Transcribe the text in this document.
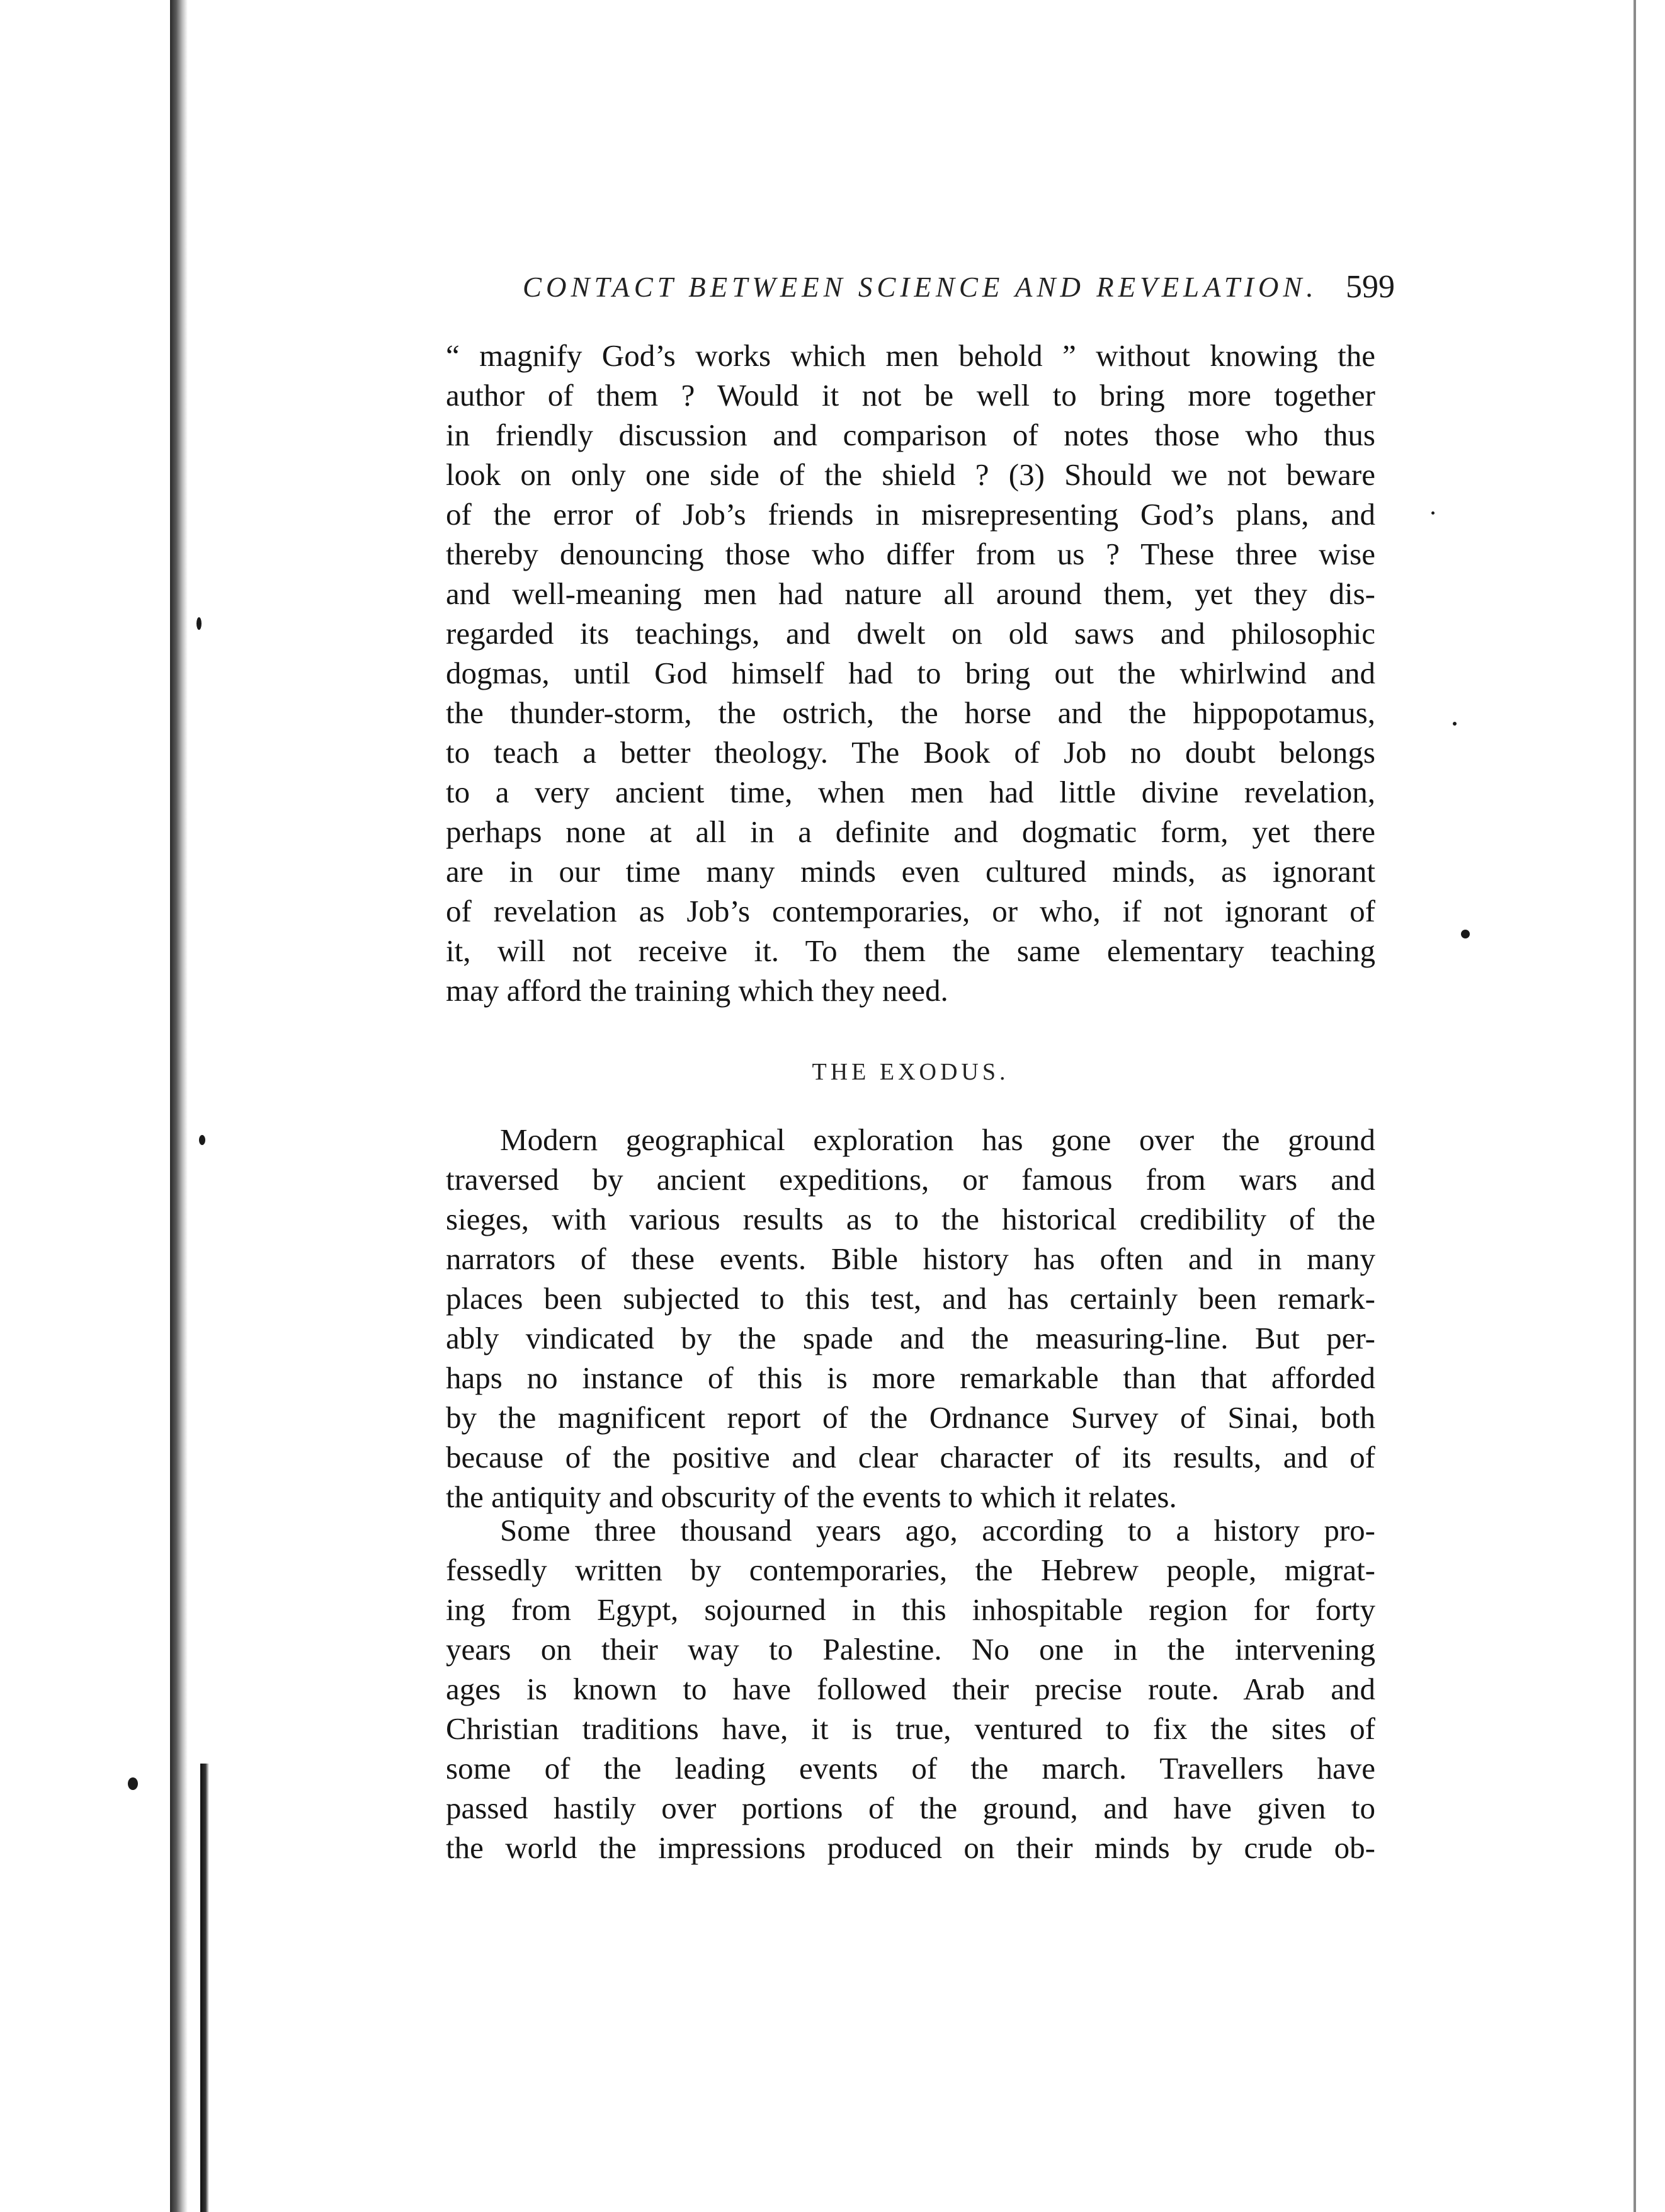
CONTACT BETWEEN SCIENCE AND REVELATION. 599
“ magnify God’s works which men behold ” without knowing the
author of them ? Would it not be well to bring more together
in friendly discussion and comparison of notes those who thus
look on only one side of the shield ? (3) Should we not beware
of the error of Job’s friends in misrepresenting God’s plans, and
thereby denouncing those who differ from us ? These three wise
and well-meaning men had nature all around them, yet they dis-
regarded its teachings, and dwelt on old saws and philosophic
dogmas, until God himself had to bring out the whirlwind and
the thunder-storm, the ostrich, the horse and the hippopotamus,
to teach a better theology. The Book of Job no doubt belongs
to a very ancient time, when men had little divine revelation,
perhaps none at all in a definite and dogmatic form, yet there
are in our time many minds even cultured minds, as ignorant
of revelation as Job’s contemporaries, or who, if not ignorant of
it, will not receive it. To them the same elementary teaching
may afford the training which they need.
THE EXODUS.
Modern geographical exploration has gone over the ground
traversed by ancient expeditions, or famous from wars and
sieges, with various results as to the historical credibility of the
narrators of these events. Bible history has often and in many
places been subjected to this test, and has certainly been remark-
ably vindicated by the spade and the measuring-line. But per-
haps no instance of this is more remarkable than that afforded
by the magnificent report of the Ordnance Survey of Sinai, both
because of the positive and clear character of its results, and of
the antiquity and obscurity of the events to which it relates.
Some three thousand years ago, according to a history pro-
fessedly written by contemporaries, the Hebrew people, migrat-
ing from Egypt, sojourned in this inhospitable region for forty
years on their way to Palestine. No one in the intervening
ages is known to have followed their precise route. Arab and
Christian traditions have, it is true, ventured to fix the sites of
some of the leading events of the march. Travellers have
passed hastily over portions of the ground, and have given to
the world the impressions produced on their minds by crude ob-
